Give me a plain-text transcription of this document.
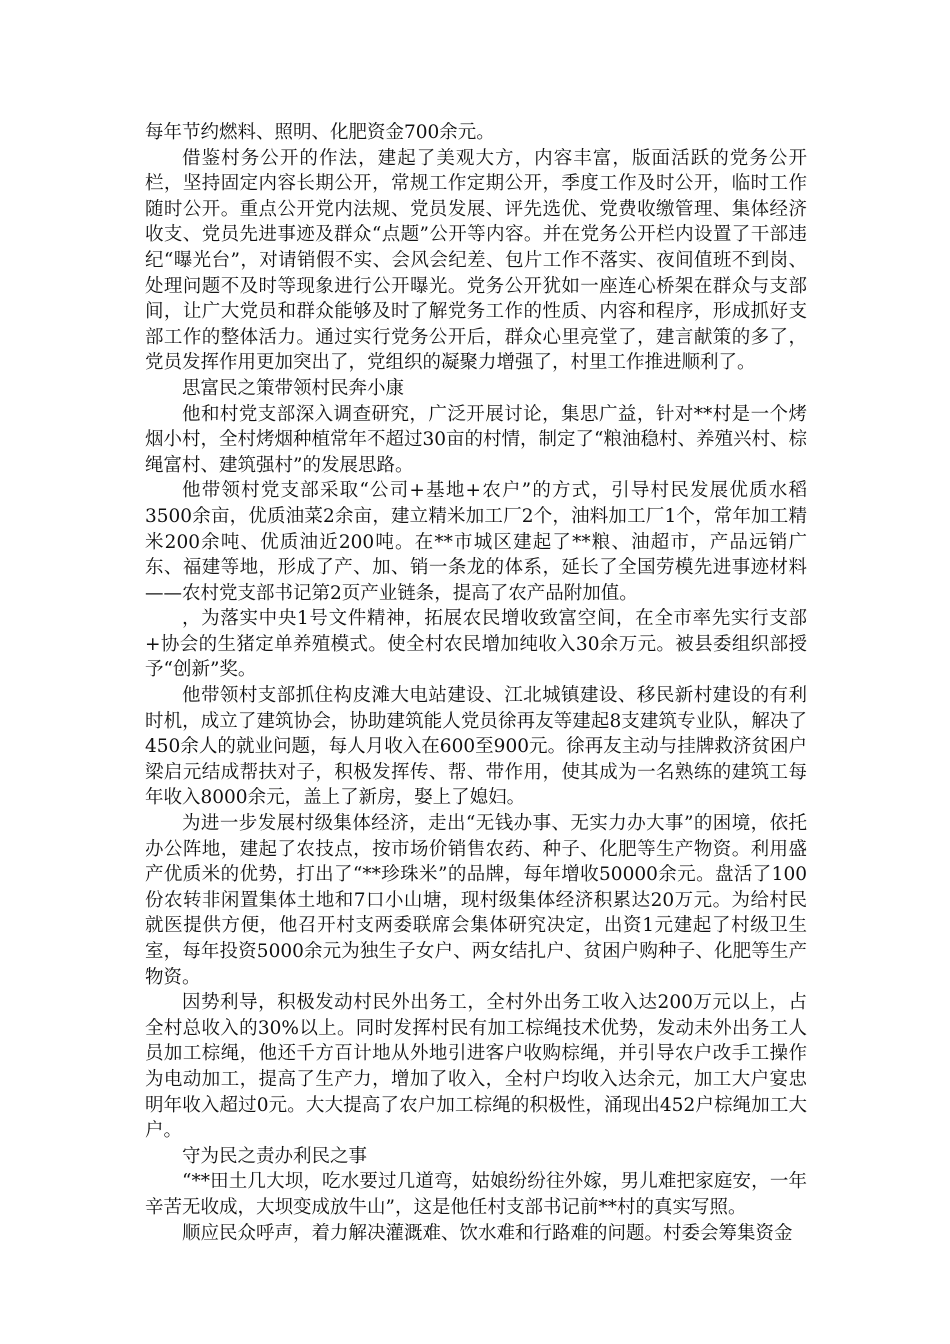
每年节约燃料、照明、化肥资金700余元。

借鉴村务公开的作法，建起了美观大方，内容丰富，版面活跃的党务公开栏，坚持固定内容长期公开，常规工作定期公开，季度工作及时公开，临时工作随时公开。重点公开党内法规、党员发展、评先选优、党费收缴管理、集体经济收支、党员先进事迹及群众“点题”公开等内容。并在党务公开栏内设置了干部违纪“曝光台”，对请销假不实、会风会纪差、包片工作不落实、夜间值班不到岗、处理问题不及时等现象进行公开曝光。党务公开犹如一座连心桥架在群众与支部间，让广大党员和群众能够及时了解党务工作的性质、内容和程序，形成抓好支部工作的整体活力。通过实行党务公开后，群众心里亮堂了，建言献策的多了，党员发挥作用更加突出了，党组织的凝聚力增强了，村里工作推进顺利了。

思富民之策带领村民奔小康

他和村党支部深入调查研究，广泛开展讨论，集思广益，针对**村是一个烤烟小村，全村烤烟种植常年不超过30亩的村情，制定了“粮油稳村、养殖兴村、棕绳富村、建筑强村”的发展思路。

他带领村党支部采取“公司+基地+农户”的方式，引导村民发展优质水稻3500余亩，优质油菜2余亩，建立精米加工厂2个，油料加工厂1个，常年加工精米200余吨、优质油近200吨。在**市城区建起了**粮、油超市，产品远销广东、福建等地，形成了产、加、销一条龙的体系，延长了全国劳模先进事迹材料——农村党支部书记第2页产业链条，提高了农产品附加值。

，为落实中央1号文件精神，拓展农民增收致富空间，在全市率先实行支部+协会的生猪定单养殖模式。使全村农民增加纯收入30余万元。被县委组织部授予“创新”奖。

他带领村支部抓住构皮滩大电站建设、江北城镇建设、移民新村建设的有利时机，成立了建筑协会，协助建筑能人党员徐再友等建起8支建筑专业队，解决了450余人的就业问题，每人月收入在600至900元。徐再友主动与挂牌救济贫困户梁启元结成帮扶对子，积极发挥传、帮、带作用，使其成为一名熟练的建筑工每年收入8000余元，盖上了新房，娶上了媳妇。

为进一步发展村级集体经济，走出“无钱办事、无实力办大事”的困境，依托办公阵地，建起了农技点，按市场价销售农药、种子、化肥等生产物资。利用盛产优质米的优势，打出了“**珍珠米”的品牌，每年增收50000余元。盘活了100份农转非闲置集体土地和7口小山塘，现村级集体经济积累达20万元。为给村民就医提供方便，他召开村支两委联席会集体研究决定，出资1元建起了村级卫生室，每年投资5000余元为独生子女户、两女结扎户、贫困户购种子、化肥等生产物资。

因势利导，积极发动村民外出务工，全村外出务工收入达200万元以上，占全村总收入的30%以上。同时发挥村民有加工棕绳技术优势，发动未外出务工人员加工棕绳，他还千方百计地从外地引进客户收购棕绳，并引导农户改手工操作为电动加工，提高了生产力，增加了收入，全村户均收入达余元，加工大户宴忠明年收入超过0元。大大提高了农户加工棕绳的积极性，涌现出452户棕绳加工大户。

守为民之责办利民之事

“**田土几大坝，吃水要过几道弯，姑娘纷纷往外嫁，男儿难把家庭安，一年辛苦无收成，大坝变成放牛山”，这是他任村支部书记前**村的真实写照。

顺应民众呼声，着力解决灌溉难、饮水难和行路难的问题。村委会筹集资金
